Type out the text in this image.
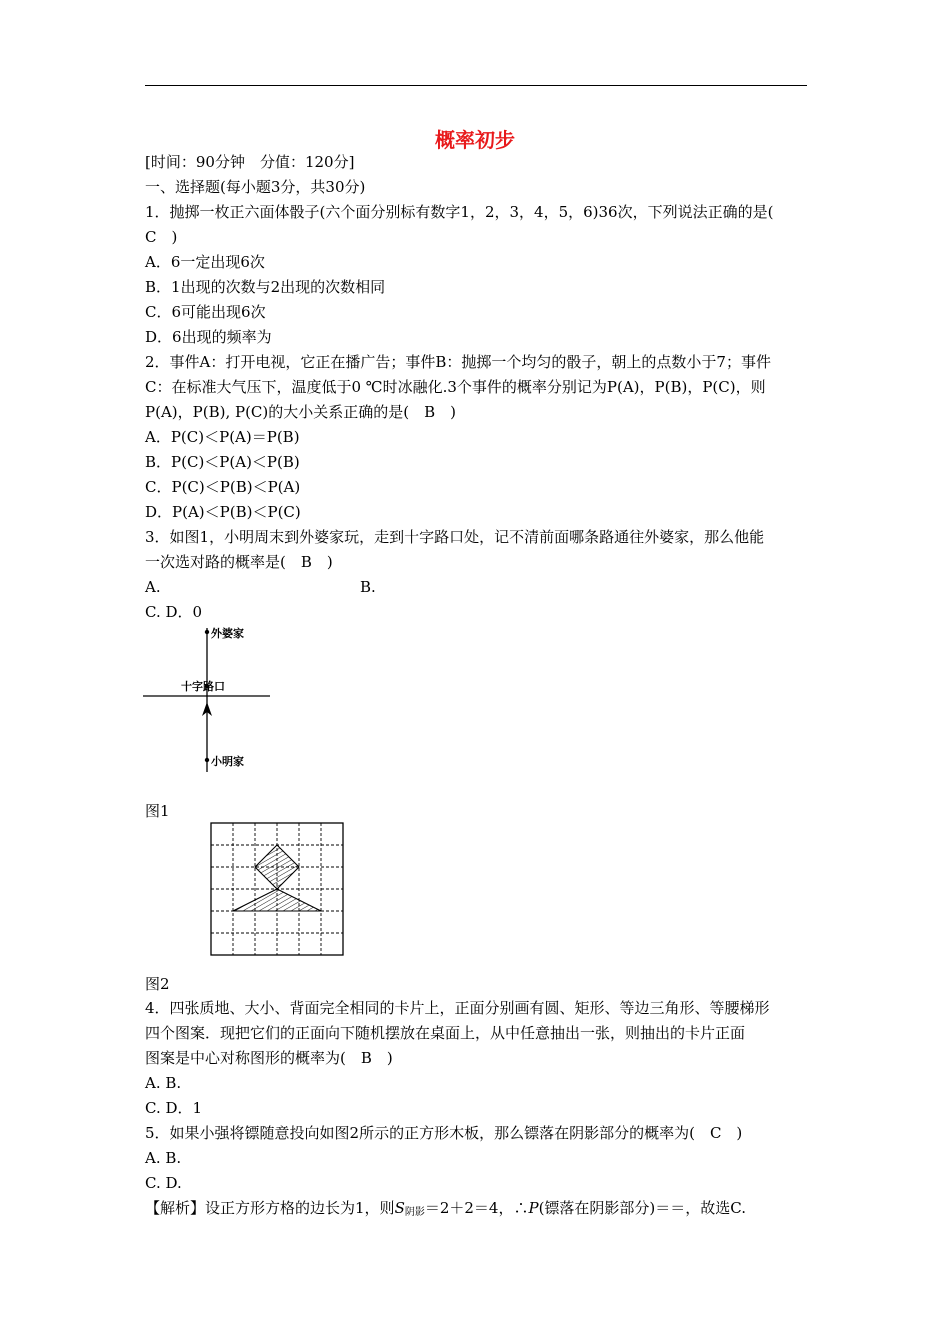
概率初步
[时间：90分钟　分值：120分]
一、选择题(每小题3分，共30分)
1．抛掷一枚正六面体骰子(六个面分别标有数字1，2，3，4，5，6)36次，下列说法正确的是(
C　)
A．6一定出现6次
B．1出现的次数与2出现的次数相同
C．6可能出现6次
D．6出现的频率为
2．事件A：打开电视，它正在播广告；事件B：抛掷一个均匀的骰子，朝上的点数小于7；事件
C：在标准大气压下，温度低于0 ℃时冰融化.3个事件的概率分别记为P(A)，P(B)，P(C)，则
P(A)，P(B), P(C)的大小关系正确的是(　B　)
A．P(C)＜P(A)＝P(B)
B．P(C)＜P(A)＜P(B)
C．P(C)＜P(B)＜P(A)
D．P(A)＜P(B)＜P(C)
3．如图1，小明周末到外婆家玩，走到十字路口处，记不清前面哪条路通往外婆家，那么他能
一次选对路的概率是(　B　)
A.	B.
C. D．0
外婆家
十字路口
小明家
图1
图2
4．四张质地、大小、背面完全相同的卡片上，正面分别画有圆、矩形、等边三角形、等腰梯形
四个图案．现把它们的正面向下随机摆放在桌面上，从中任意抽出一张，则抽出的卡片正面
图案是中心对称图形的概率为(　B　)
A. B.
C. D．1
5．如果小强将镖随意投向如图2所示的正方形木板，那么镖落在阴影部分的概率为(　C　)
A. B.
C. D.
【解析】设正方形方格的边长为1，则$S_{阴影}=2+2=4$，∴P(镖落在阴影部分)＝＝，故选C.
